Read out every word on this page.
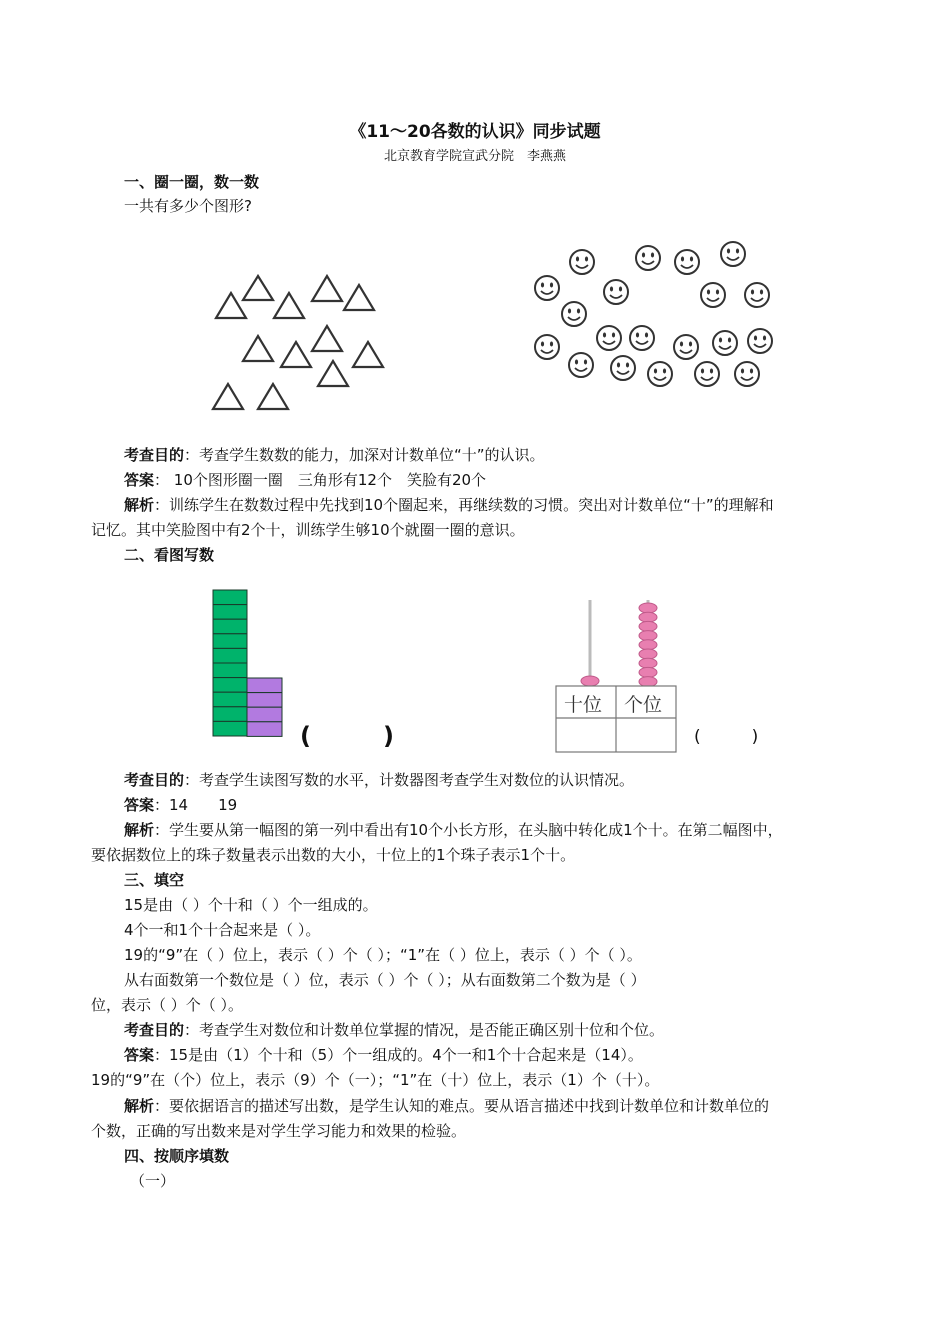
《11～20各数的认识》同步试题
北京教育学院宣武分院　李燕燕
一、圈一圈，数一数
一共有多少个图形?
十位 个位
(　　　)	(　　　)
考查目的：考查学生数数的能力，加深对计数单位“十”的认识。
答案： 10个图形圈一圈　三角形有12个　笑脸有20个
解析：训练学生在数数过程中先找到10个圈起来，再继续数的习惯。突出对计数单位“十”的理解和
记忆。其中笑脸图中有2个十，训练学生够10个就圈一圈的意识。
二、看图写数
考查目的：考查学生读图写数的水平，计数器图考查学生对数位的认识情况。
答案：14　　19
解析：学生要从第一幅图的第一列中看出有10个小长方形，在头脑中转化成1个十。在第二幅图中，
要依据数位上的珠子数量表示出数的大小，十位上的1个珠子表示1个十。
三、填空
15是由（ ）个十和（ ）个一组成的。
4个一和1个十合起来是（ ）。
19的“9”在（ ）位上，表示（ ）个（ ）；“1”在（ ）位上，表示（ ）个（ ）。
从右面数第一个数位是（ ）位，表示（ ）个（ ）；从右面数第二个数为是（ ）
位，表示（ ）个（ ）。
考查目的：考查学生对数位和计数单位掌握的情况，是否能正确区别十位和个位。
答案：15是由（1）个十和（5）个一组成的。4个一和1个十合起来是（14）。
19的“9”在（个）位上，表示（9）个（一）；“1”在（十）位上，表示（1）个（十）。
解析：要依据语言的描述写出数，是学生认知的难点。要从语言描述中找到计数单位和计数单位的
个数，正确的写出数来是对学生学习能力和效果的检验。
四、按顺序填数
（一）
